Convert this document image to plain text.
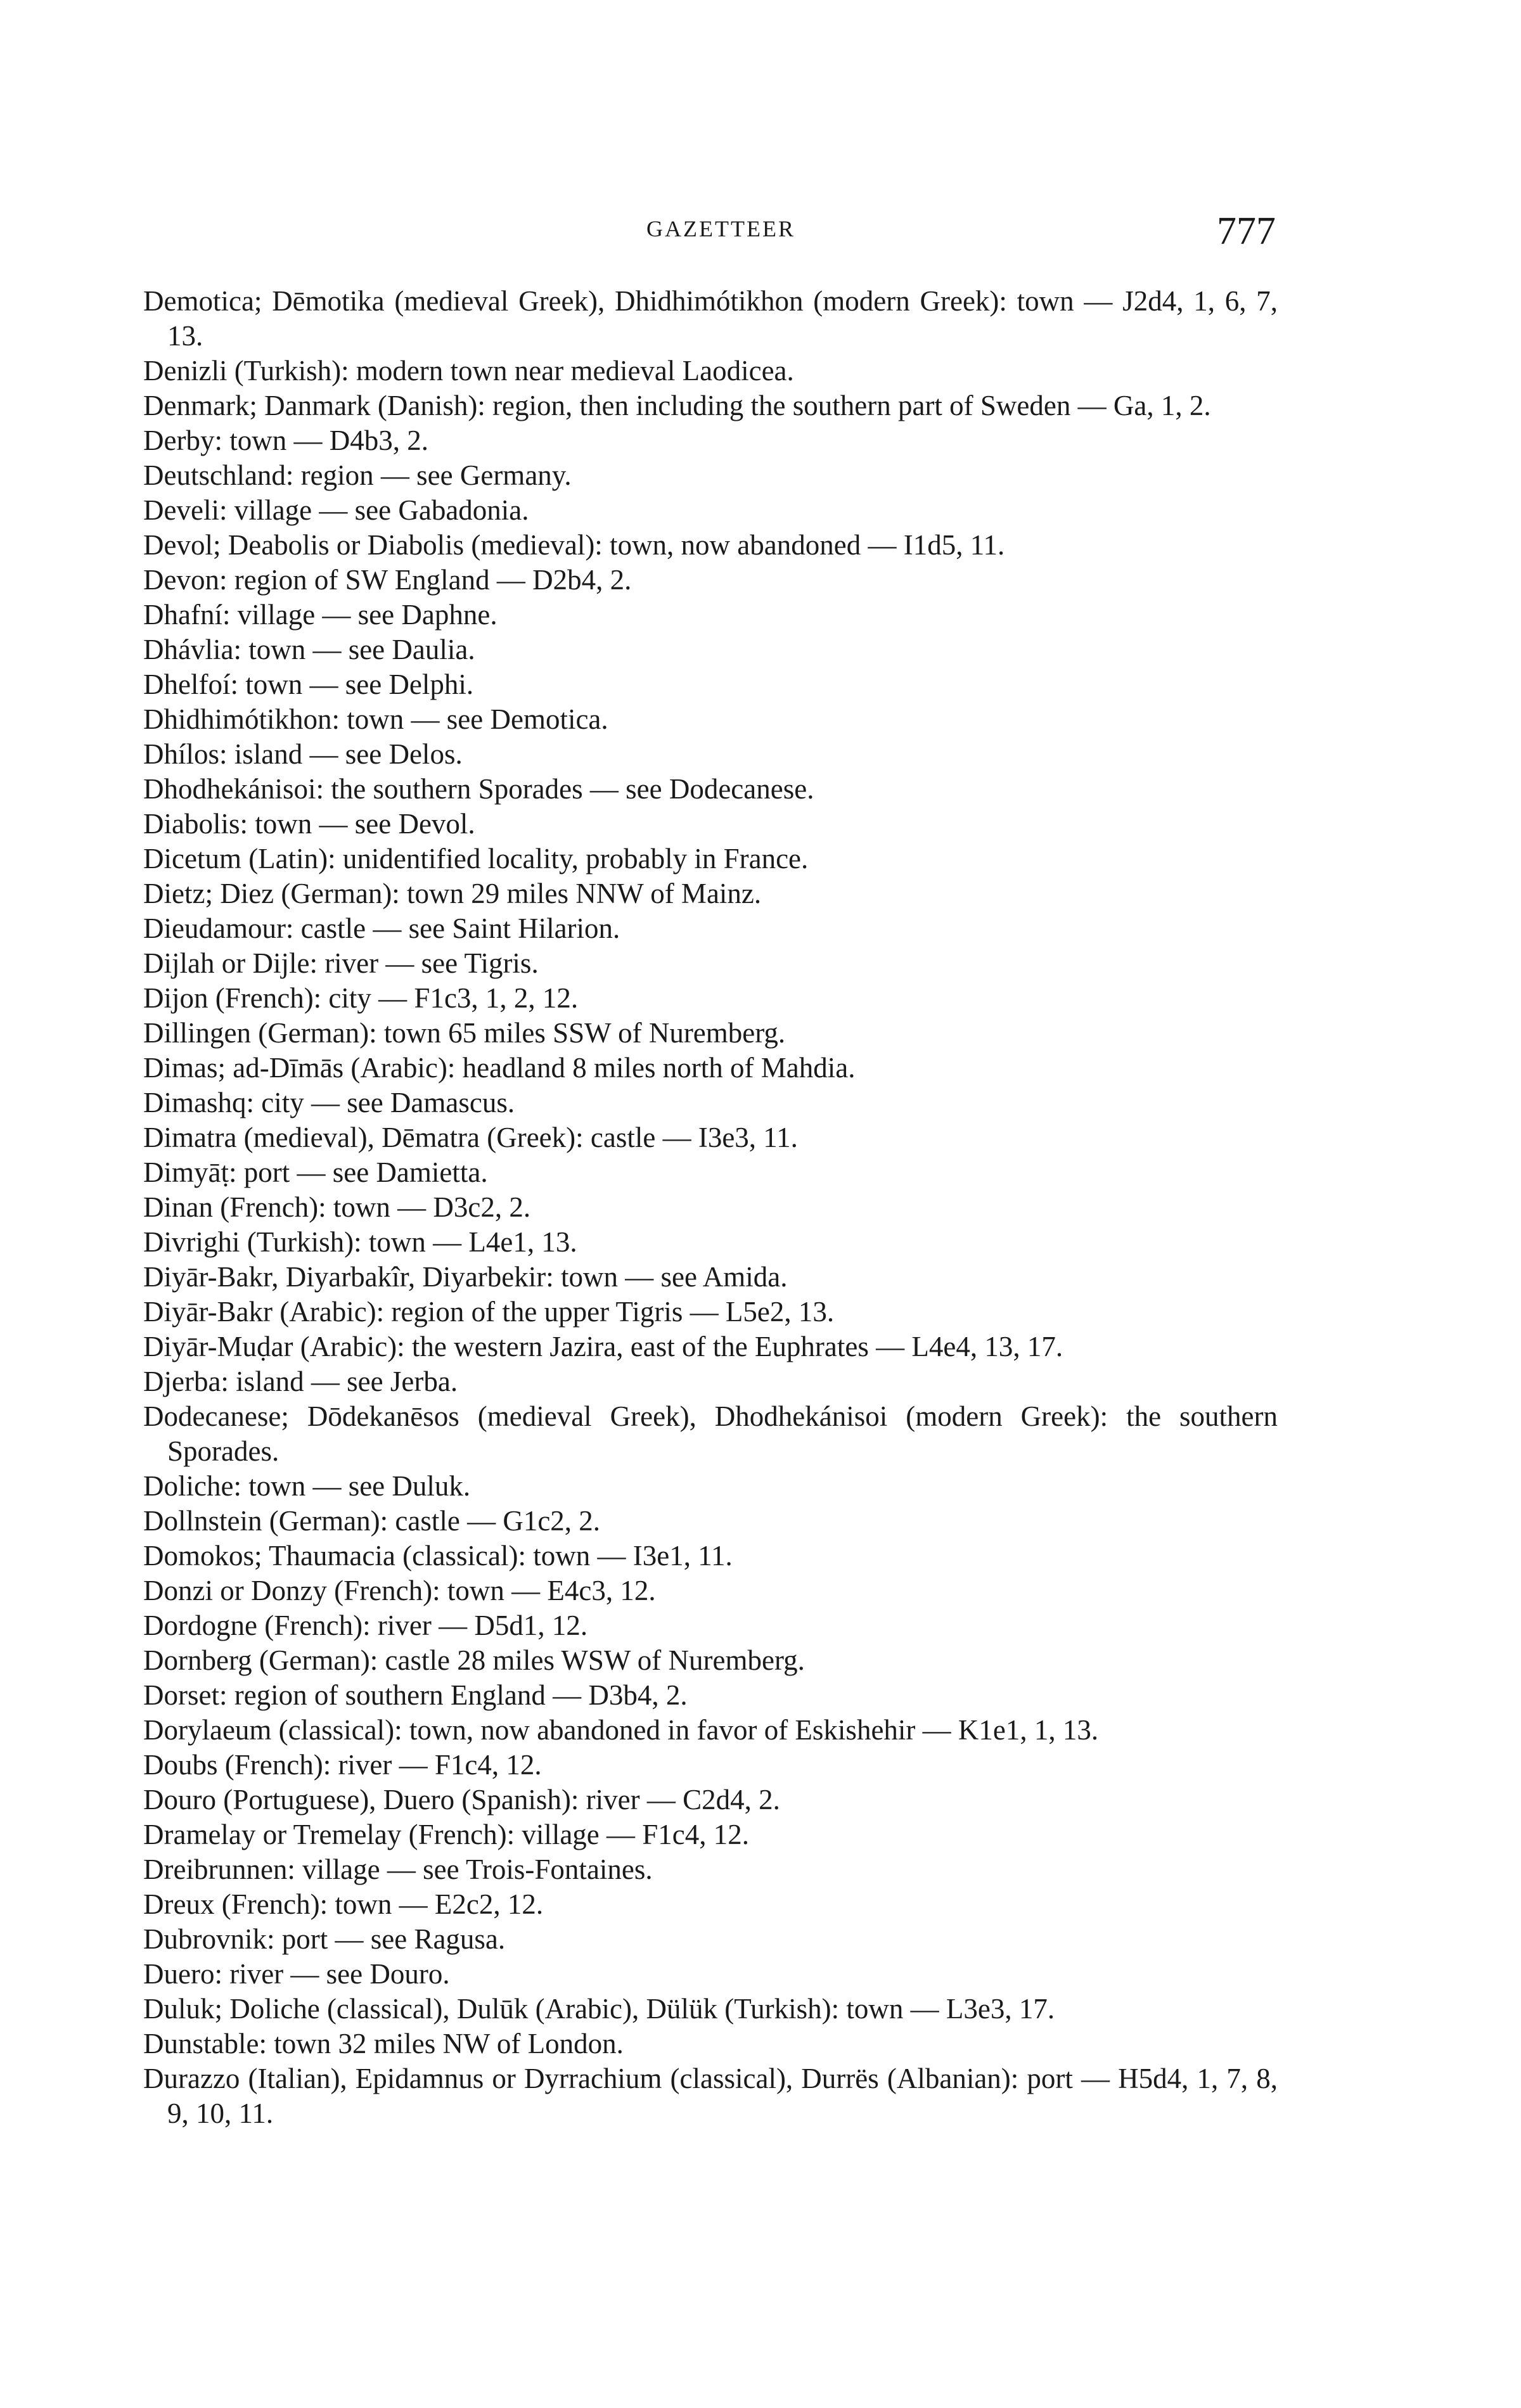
GAZETTEER	777
Demotica; Dēmotika (medieval Greek), Dhidhimótikhon (modern Greek): town — J2d4, 1, 6, 7, 13.
Denizli (Turkish): modern town near medieval Laodicea.
Denmark; Danmark (Danish): region, then including the southern part of Sweden — Ga, 1, 2.
Derby: town — D4b3, 2.
Deutschland: region — see Germany.
Develi: village — see Gabadonia.
Devol; Deabolis or Diabolis (medieval): town, now abandoned — I1d5, 11.
Devon: region of SW England — D2b4, 2.
Dhafní: village — see Daphne.
Dhávlia: town — see Daulia.
Dhelfoí: town — see Delphi.
Dhidhimótikhon: town — see Demotica.
Dhílos: island — see Delos.
Dhodhekánisoi: the southern Sporades — see Dodecanese.
Diabolis: town — see Devol.
Dicetum (Latin): unidentified locality, probably in France.
Dietz; Diez (German): town 29 miles NNW of Mainz.
Dieudamour: castle — see Saint Hilarion.
Dijlah or Dijle: river — see Tigris.
Dijon (French): city — F1c3, 1, 2, 12.
Dillingen (German): town 65 miles SSW of Nuremberg.
Dimas; ad-Dīmās (Arabic): headland 8 miles north of Mahdia.
Dimashq: city — see Damascus.
Dimatra (medieval), Dēmatra (Greek): castle — I3e3, 11.
Dimyāṭ: port — see Damietta.
Dinan (French): town — D3c2, 2.
Divrighi (Turkish): town — L4e1, 13.
Diyār-Bakr, Diyarbakîr, Diyarbekir: town — see Amida.
Diyār-Bakr (Arabic): region of the upper Tigris — L5e2, 13.
Diyār-Muḍar (Arabic): the western Jazira, east of the Euphrates — L4e4, 13, 17.
Djerba: island — see Jerba.
Dodecanese; Dōdekanēsos (medieval Greek), Dhodhekánisoi (modern Greek): the southern Sporades.
Doliche: town — see Duluk.
Dollnstein (German): castle — G1c2, 2.
Domokos; Thaumacia (classical): town — I3e1, 11.
Donzi or Donzy (French): town — E4c3, 12.
Dordogne (French): river — D5d1, 12.
Dornberg (German): castle 28 miles WSW of Nuremberg.
Dorset: region of southern England — D3b4, 2.
Dorylaeum (classical): town, now abandoned in favor of Eskishehir — K1e1, 1, 13.
Doubs (French): river — F1c4, 12.
Douro (Portuguese), Duero (Spanish): river — C2d4, 2.
Dramelay or Tremelay (French): village — F1c4, 12.
Dreibrunnen: village — see Trois-Fontaines.
Dreux (French): town — E2c2, 12.
Dubrovnik: port — see Ragusa.
Duero: river — see Douro.
Duluk; Doliche (classical), Dulūk (Arabic), Dülük (Turkish): town — L3e3, 17.
Dunstable: town 32 miles NW of London.
Durazzo (Italian), Epidamnus or Dyrrachium (classical), Durrës (Albanian): port — H5d4, 1, 7, 8, 9, 10, 11.
